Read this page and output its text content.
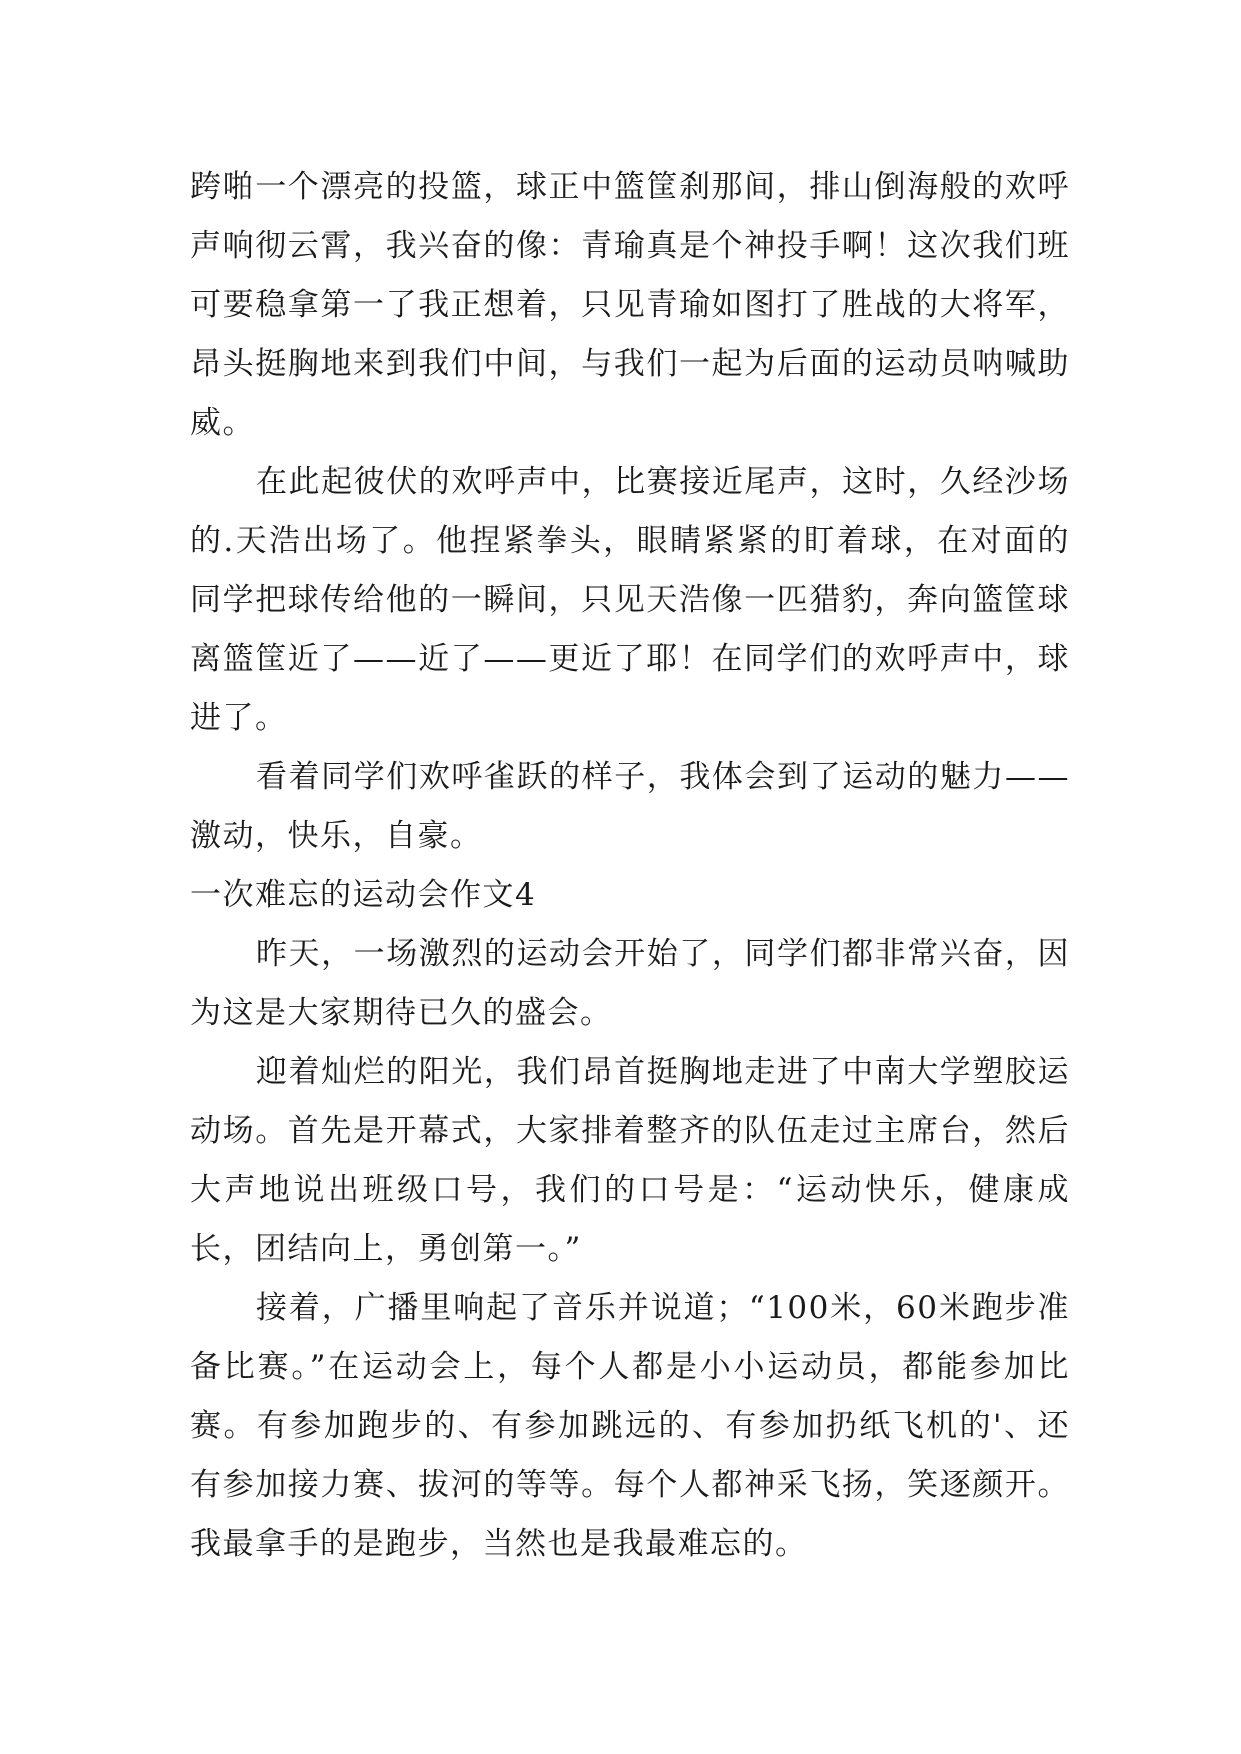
跨啪一个漂亮的投篮，球正中篮筐刹那间，排山倒海般的欢呼声响彻云霄，我兴奋的像：青瑜真是个神投手啊！这次我们班可要稳拿第一了我正想着，只见青瑜如图打了胜战的大将军，昂头挺胸地来到我们中间，与我们一起为后面的运动员呐喊助威。

在此起彼伏的欢呼声中，比赛接近尾声，这时，久经沙场的.天浩出场了。他捏紧拳头，眼睛紧紧的盯着球，在对面的同学把球传给他的一瞬间，只见天浩像一匹猎豹，奔向篮筐球离篮筐近了——近了——更近了耶！在同学们的欢呼声中，球进了。

看着同学们欢呼雀跃的样子，我体会到了运动的魅力——激动，快乐，自豪。

一次难忘的运动会作文4

昨天，一场激烈的运动会开始了，同学们都非常兴奋，因为这是大家期待已久的盛会。

迎着灿烂的阳光，我们昂首挺胸地走进了中南大学塑胶运动场。首先是开幕式，大家排着整齐的队伍走过主席台，然后大声地说出班级口号，我们的口号是：“运动快乐，健康成长，团结向上，勇创第一。”

接着，广播里响起了音乐并说道；“100米，60米跑步准备比赛。”在运动会上，每个人都是小小运动员，都能参加比赛。有参加跑步的、有参加跳远的、有参加扔纸飞机的'、还有参加接力赛、拔河的等等。每个人都神采飞扬，笑逐颜开。我最拿手的是跑步，当然也是我最难忘的。
